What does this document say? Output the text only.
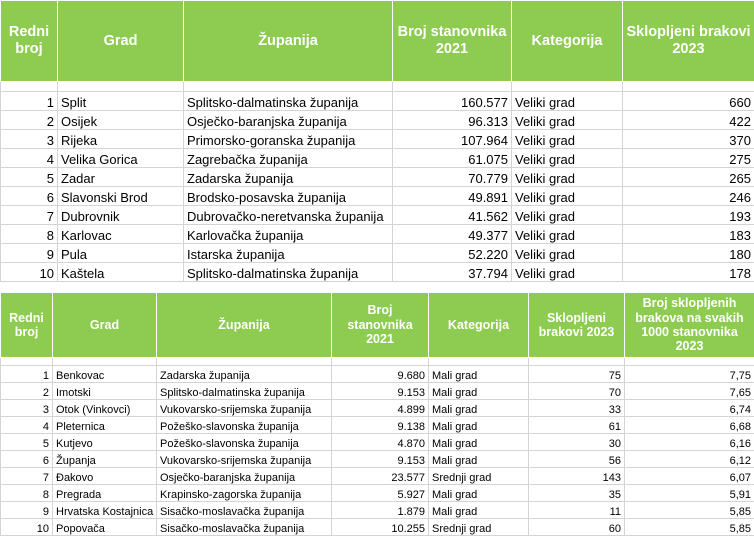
Redni broj	Grad	Županija	Broj stanovnika 2021	Kategorija	Sklopljeni brakovi 2023

1	Split	Splitsko-dalmatinska županija	160.577	Veliki grad	660
2	Osijek	Osječko-baranjska županija	96.313	Veliki grad	422
3	Rijeka	Primorsko-goranska županija	107.964	Veliki grad	370
4	Velika Gorica	Zagrebačka županija	61.075	Veliki grad	275
5	Zadar	Zadarska županija	70.779	Veliki grad	265
6	Slavonski Brod	Brodsko-posavska županija	49.891	Veliki grad	246
7	Dubrovnik	Dubrovačko-neretvanska županija	41.562	Veliki grad	193
8	Karlovac	Karlovačka županija	49.377	Veliki grad	183
9	Pula	Istarska županija	52.220	Veliki grad	180
10	Kaštela	Splitsko-dalmatinska županija	37.794	Veliki grad	178
Redni broj	Grad	Županija	Broj stanovnika 2021	Kategorija	Sklopljeni brakovi 2023	Broj sklopljenih brakova na svakih 1000 stanovnika 2023

1	Benkovac	Zadarska županija	9.680	Mali grad	75	7,75
2	Imotski	Splitsko-dalmatinska županija	9.153	Mali grad	70	7,65
3	Otok (Vinkovci)	Vukovarsko-srijemska županija	4.899	Mali grad	33	6,74
4	Pleternica	Požeško-slavonska županija	9.138	Mali grad	61	6,68
5	Kutjevo	Požeško-slavonska županija	4.870	Mali grad	30	6,16
6	Županja	Vukovarsko-srijemska županija	9.153	Mali grad	56	6,12
7	Đakovo	Osječko-baranjska županija	23.577	Srednji grad	143	6,07
8	Pregrada	Krapinsko-zagorska županija	5.927	Mali grad	35	5,91
9	Hrvatska Kostajnica	Sisačko-moslavačka županija	1.879	Mali grad	11	5,85
10	Popovača	Sisačko-moslavačka županija	10.255	Srednji grad	60	5,85
